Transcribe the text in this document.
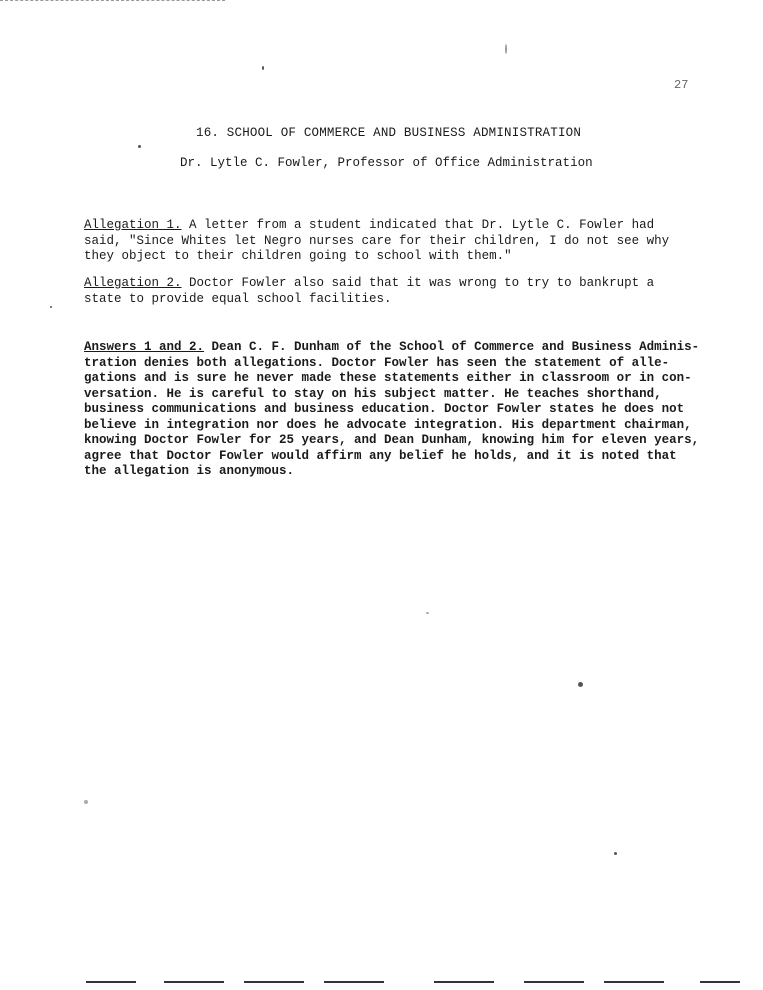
27
16. SCHOOL OF COMMERCE AND BUSINESS ADMINISTRATION
Dr. Lytle C. Fowler, Professor of Office Administration

Allegation 1. A letter from a student indicated that Dr. Lytle C. Fowler had
said, "Since Whites let Negro nurses care for their children, I do not see why
they object to their children going to school with them."

Allegation 2. Doctor Fowler also said that it was wrong to try to bankrupt a
state to provide equal school facilities.

Answers 1 and 2. Dean C. F. Dunham of the School of Commerce and Business Adminis-
tration denies both allegations. Doctor Fowler has seen the statement of alle-
gations and is sure he never made these statements either in classroom or in con-
versation. He is careful to stay on his subject matter. He teaches shorthand,
business communications and business education. Doctor Fowler states he does not
believe in integration nor does he advocate integration. His department chairman,
knowing Doctor Fowler for 25 years, and Dean Dunham, knowing him for eleven years,
agree that Doctor Fowler would affirm any belief he holds, and it is noted that
the allegation is anonymous.
